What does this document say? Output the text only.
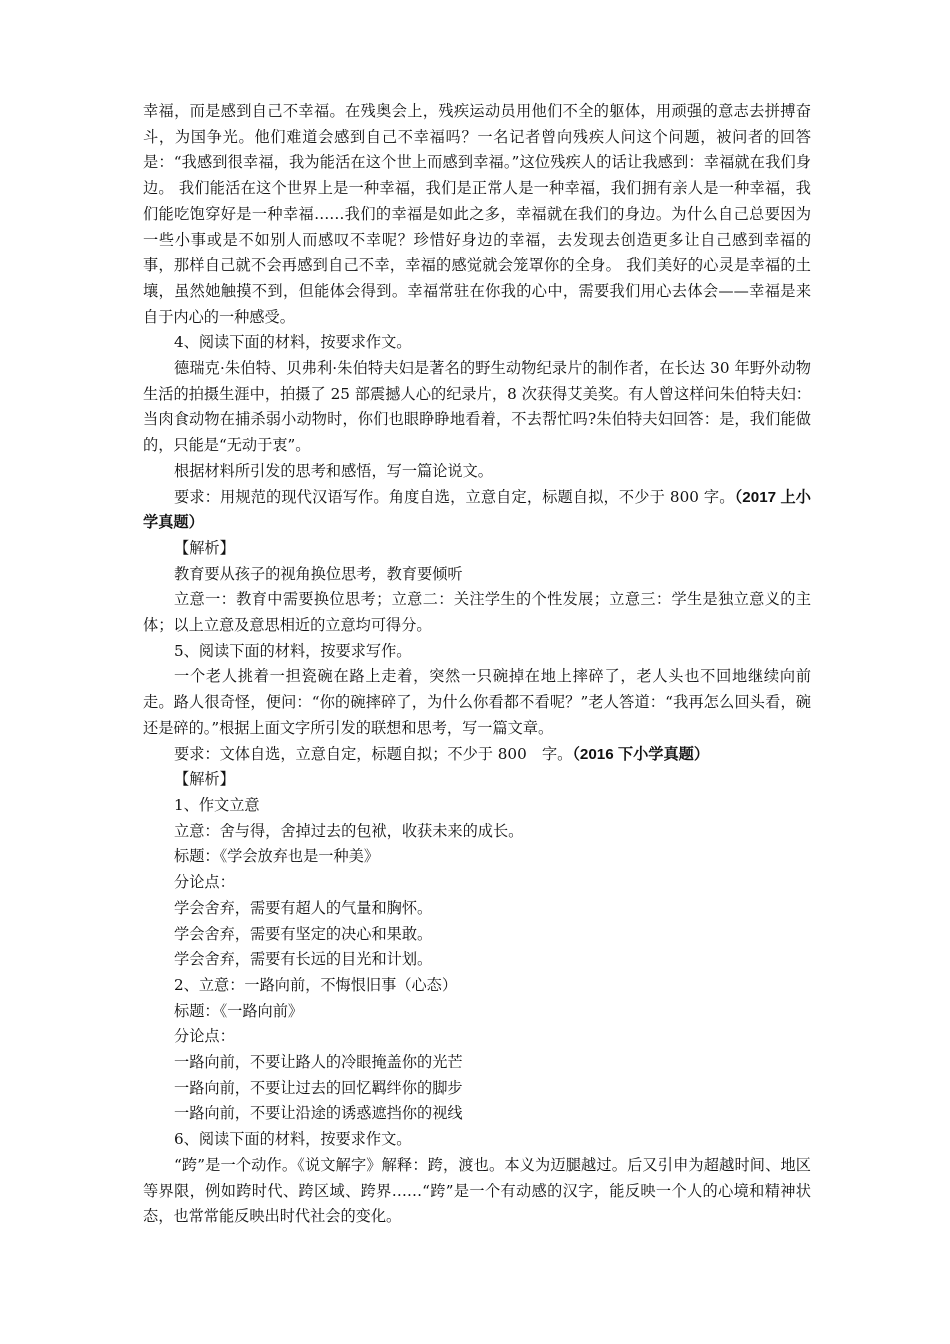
幸福，而是感到自己不幸福。在残奥会上，残疾运动员用他们不全的躯体，用顽强的意志去拼搏奋斗，为国争光。他们难道会感到自己不幸福吗？一名记者曾向残疾人问这个问题，被问者的回答是：“我感到很幸福，我为能活在这个世上而感到幸福。”这位残疾人的话让我感到：幸福就在我们身边。 我们能活在这个世界上是一种幸福，我们是正常人是一种幸福，我们拥有亲人是一种幸福，我们能吃饱穿好是一种幸福……我们的幸福是如此之多，幸福就在我们的身边。为什么自己总要因为一些小事或是不如别人而感叹不幸呢？珍惜好身边的幸福，去发现去创造更多让自己感到幸福的事，那样自己就不会再感到自己不幸，幸福的感觉就会笼罩你的全身。 我们美好的心灵是幸福的土壤，虽然她触摸不到，但能体会得到。幸福常驻在你我的心中，需要我们用心去体会——幸福是来自于内心的一种感受。

4、阅读下面的材料，按要求作文。

德瑞克·朱伯特、贝弗利·朱伯特夫妇是著名的野生动物纪录片的制作者，在长达 30 年野外动物生活的拍摄生涯中，拍摄了 25 部震撼人心的纪录片，8 次获得艾美奖。有人曾这样问朱伯特夫妇：当肉食动物在捕杀弱小动物时，你们也眼睁睁地看着，不去帮忙吗?朱伯特夫妇回答：是，我们能做的，只能是“无动于衷”。

根据材料所引发的思考和感悟，写一篇论说文。

要求：用规范的现代汉语写作。角度自选，立意自定，标题自拟，不少于 800 字。（2017 上小学真题）

【解析】

教育要从孩子的视角换位思考，教育要倾听

立意一：教育中需要换位思考；立意二：关注学生的个性发展；立意三：学生是独立意义的主体；以上立意及意思相近的立意均可得分。

5、阅读下面的材料，按要求写作。

一个老人挑着一担瓷碗在路上走着，突然一只碗掉在地上摔碎了，老人头也不回地继续向前走。路人很奇怪，便问：“你的碗摔碎了，为什么你看都不看呢？”老人答道：“我再怎么回头看，碗还是碎的。”根据上面文字所引发的联想和思考，写一篇文章。

要求：文体自选，立意自定，标题自拟；不少于 800　字。（2016 下小学真题）

【解析】

1、作文立意

立意：舍与得，舍掉过去的包袱，收获未来的成长。

标题：《学会放弃也是一种美》

分论点：

学会舍弃，需要有超人的气量和胸怀。

学会舍弃，需要有坚定的决心和果敢。

学会舍弃，需要有长远的目光和计划。

2、立意：一路向前，不悔恨旧事（心态）

标题：《一路向前》

分论点：

一路向前，不要让路人的冷眼掩盖你的光芒

一路向前，不要让过去的回忆羁绊你的脚步

一路向前，不要让沿途的诱惑遮挡你的视线

6、阅读下面的材料，按要求作文。

“跨”是一个动作。《说文解字》解释：跨，渡也。本义为迈腿越过。后又引申为超越时间、地区等界限，例如跨时代、跨区域、跨界……“跨”是一个有动感的汉字，能反映一个人的心境和精神状态，也常常能反映出时代社会的变化。
